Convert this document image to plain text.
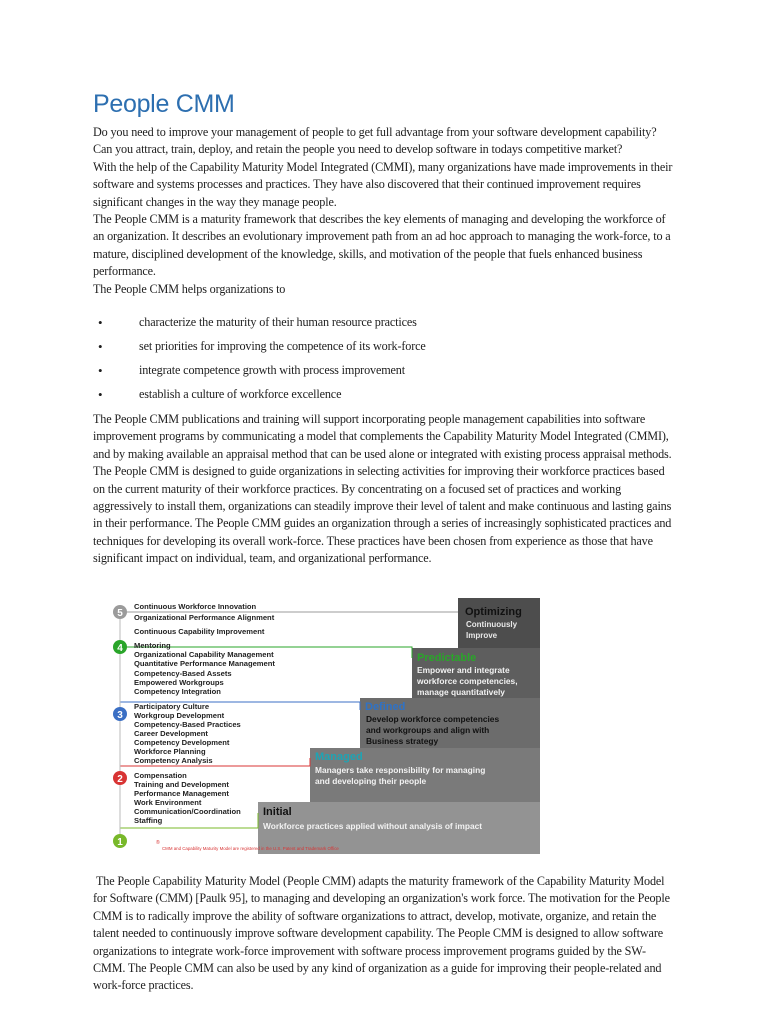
People CMM

Do you need to improve your management of people to get full advantage from your software development capability?

Can you attract, train, deploy, and retain the people you need to develop software in todays competitive market?

With the help of the Capability Maturity Model Integrated (CMMI), many organizations have made improvements in their software and systems processes and practices. They have also discovered that their continued improvement requires significant changes in the way they manage people.

The People CMM is a maturity framework that describes the key elements of managing and developing the workforce of an organization. It describes an evolutionary improvement path from an ad hoc approach to managing the work-force, to a mature, disciplined development of the knowledge, skills, and motivation of the people that fuels enhanced business performance.

The People CMM helps organizations to

• characterize the maturity of their human resource practices
• set priorities for improving the competence of its work-force
• integrate competence growth with process improvement
• establish a culture of workforce excellence

The People CMM publications and training will support incorporating people management capabilities into software improvement programs by communicating a model that complements the Capability Maturity Model Integrated (CMMI), and by making available an appraisal method that can be used alone or integrated with existing process appraisal methods.

The People CMM is designed to guide organizations in selecting activities for improving their workforce practices based on the current maturity of their workforce practices. By concentrating on a focused set of practices and working aggressively to install them, organizations can steadily improve their level of talent and make continuous and lasting gains in their performance. The People CMM guides an organization through a series of increasingly sophisticated practices and techniques for developing its overall work-force. These practices have been chosen from experience as those that have significant impact on individual, team, and organizational performance.

5
4
3
2
1
Continuous Workforce Innovation
Organizational Performance Alignment
Continuous Capability Improvement
Mentoring
Organizational Capability Management
Quantitative Performance Management
Competency-Based Assets
Empowered Workgroups
Competency Integration
Participatory Culture
Workgroup Development
Competency-Based Practices
Career Development
Competency Development
Workforce Planning
Competency Analysis
Compensation
Training and Development
Performance Management
Work Environment
Communication/Coordination
Staffing
Optimizing
Continuously
Improve
Predictable
Empower and integrate
workforce competencies,
manage quantitatively
Defined
Develop workforce competencies
and workgroups and align with
Business strategy
Managed
Managers take responsibility for managing
and developing their people
Initial
Workforce practices applied without analysis of impact
®
CMM and Capability Maturity Model are registered in the U.S. Patent and Trademark Office

The People Capability Maturity Model (People CMM) adapts the maturity framework of the Capability Maturity Model for Software (CMM) [Paulk 95], to managing and developing an organization's work force. The motivation for the People CMM is to radically improve the ability of software organizations to attract, develop, motivate, organize, and retain the talent needed to continuously improve software development capability. The People CMM is designed to allow software organizations to integrate work-force improvement with software process improvement programs guided by the SW-CMM. The People CMM can also be used by any kind of organization as a guide for improving their people-related and work-force practices.
